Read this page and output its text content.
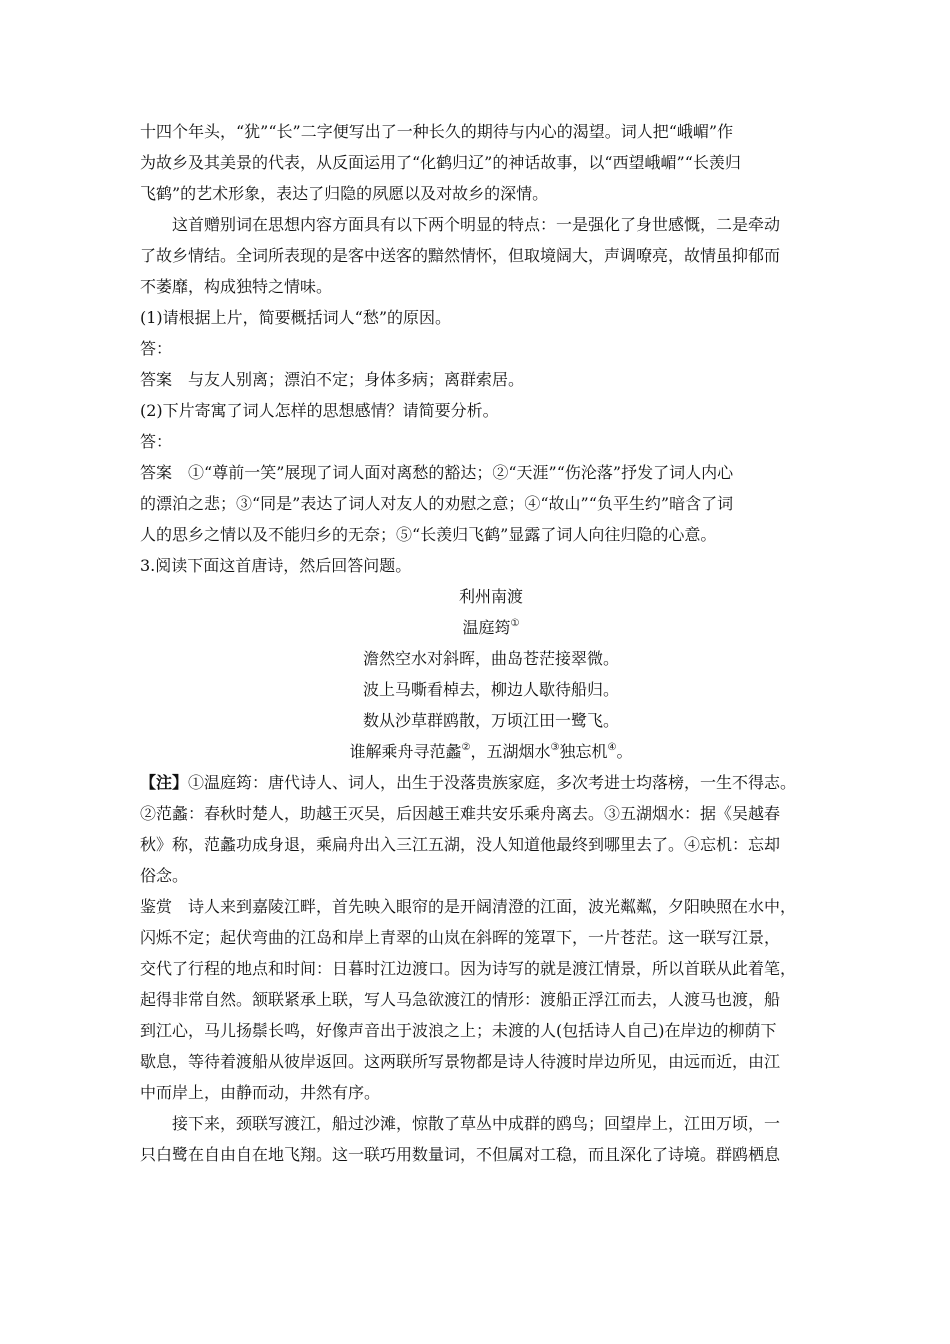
十四个年头，“犹”“长”二字便写出了一种长久的期待与内心的渴望。词人把“峨嵋”作
为故乡及其美景的代表，从反面运用了“化鹤归辽”的神话故事，以“西望峨嵋”“长羡归
飞鹤”的艺术形象，表达了归隐的夙愿以及对故乡的深情。
这首赠别词在思想内容方面具有以下两个明显的特点：一是强化了身世感慨，二是牵动
了故乡情结。全词所表现的是客中送客的黯然情怀，但取境阔大，声调嘹亮，故情虽抑郁而
不萎靡，构成独特之情味。
(1)请根据上片，简要概括词人“愁”的原因。
答：
答案  与友人别离；漂泊不定；身体多病；离群索居。
(2)下片寄寓了词人怎样的思想感情？请简要分析。
答：
答案  ①“尊前一笑”展现了词人面对离愁的豁达；②“天涯”“伤沦落”抒发了词人内心
的漂泊之悲；③“同是”表达了词人对友人的劝慰之意；④“故山”“负平生约”暗含了词
人的思乡之情以及不能归乡的无奈；⑤“长羡归飞鹤”显露了词人向往归隐的心意。
3.阅读下面这首唐诗，然后回答问题。
利州南渡
温庭筠①
澹然空水对斜晖，曲岛苍茫接翠微。
波上马嘶看棹去，柳边人歇待船归。
数从沙草群鸥散，万顷江田一鹭飞。
谁解乘舟寻范蠡②，五湖烟水③独忘机④。
【注】①温庭筠：唐代诗人、词人，出生于没落贵族家庭，多次考进士均落榜，一生不得志。
②范蠡：春秋时楚人，助越王灭吴，后因越王难共安乐乘舟离去。③五湖烟水：据《吴越春
秋》称，范蠡功成身退，乘扁舟出入三江五湖，没人知道他最终到哪里去了。④忘机：忘却
俗念。
鉴赏  诗人来到嘉陵江畔，首先映入眼帘的是开阔清澄的江面，波光粼粼，夕阳映照在水中，
闪烁不定；起伏弯曲的江岛和岸上青翠的山岚在斜晖的笼罩下，一片苍茫。这一联写江景，
交代了行程的地点和时间：日暮时江边渡口。因为诗写的就是渡江情景，所以首联从此着笔，
起得非常自然。颔联紧承上联，写人马急欲渡江的情形：渡船正浮江而去，人渡马也渡，船
到江心，马儿扬鬃长鸣，好像声音出于波浪之上；未渡的人(包括诗人自己)在岸边的柳荫下
歇息，等待着渡船从彼岸返回。这两联所写景物都是诗人待渡时岸边所见，由远而近，由江
中而岸上，由静而动，井然有序。
接下来，颈联写渡江，船过沙滩，惊散了草丛中成群的鸥鸟；回望岸上，江田万顷，一
只白鹭在自由自在地飞翔。这一联巧用数量词，不但属对工稳，而且深化了诗境。群鸥栖息
